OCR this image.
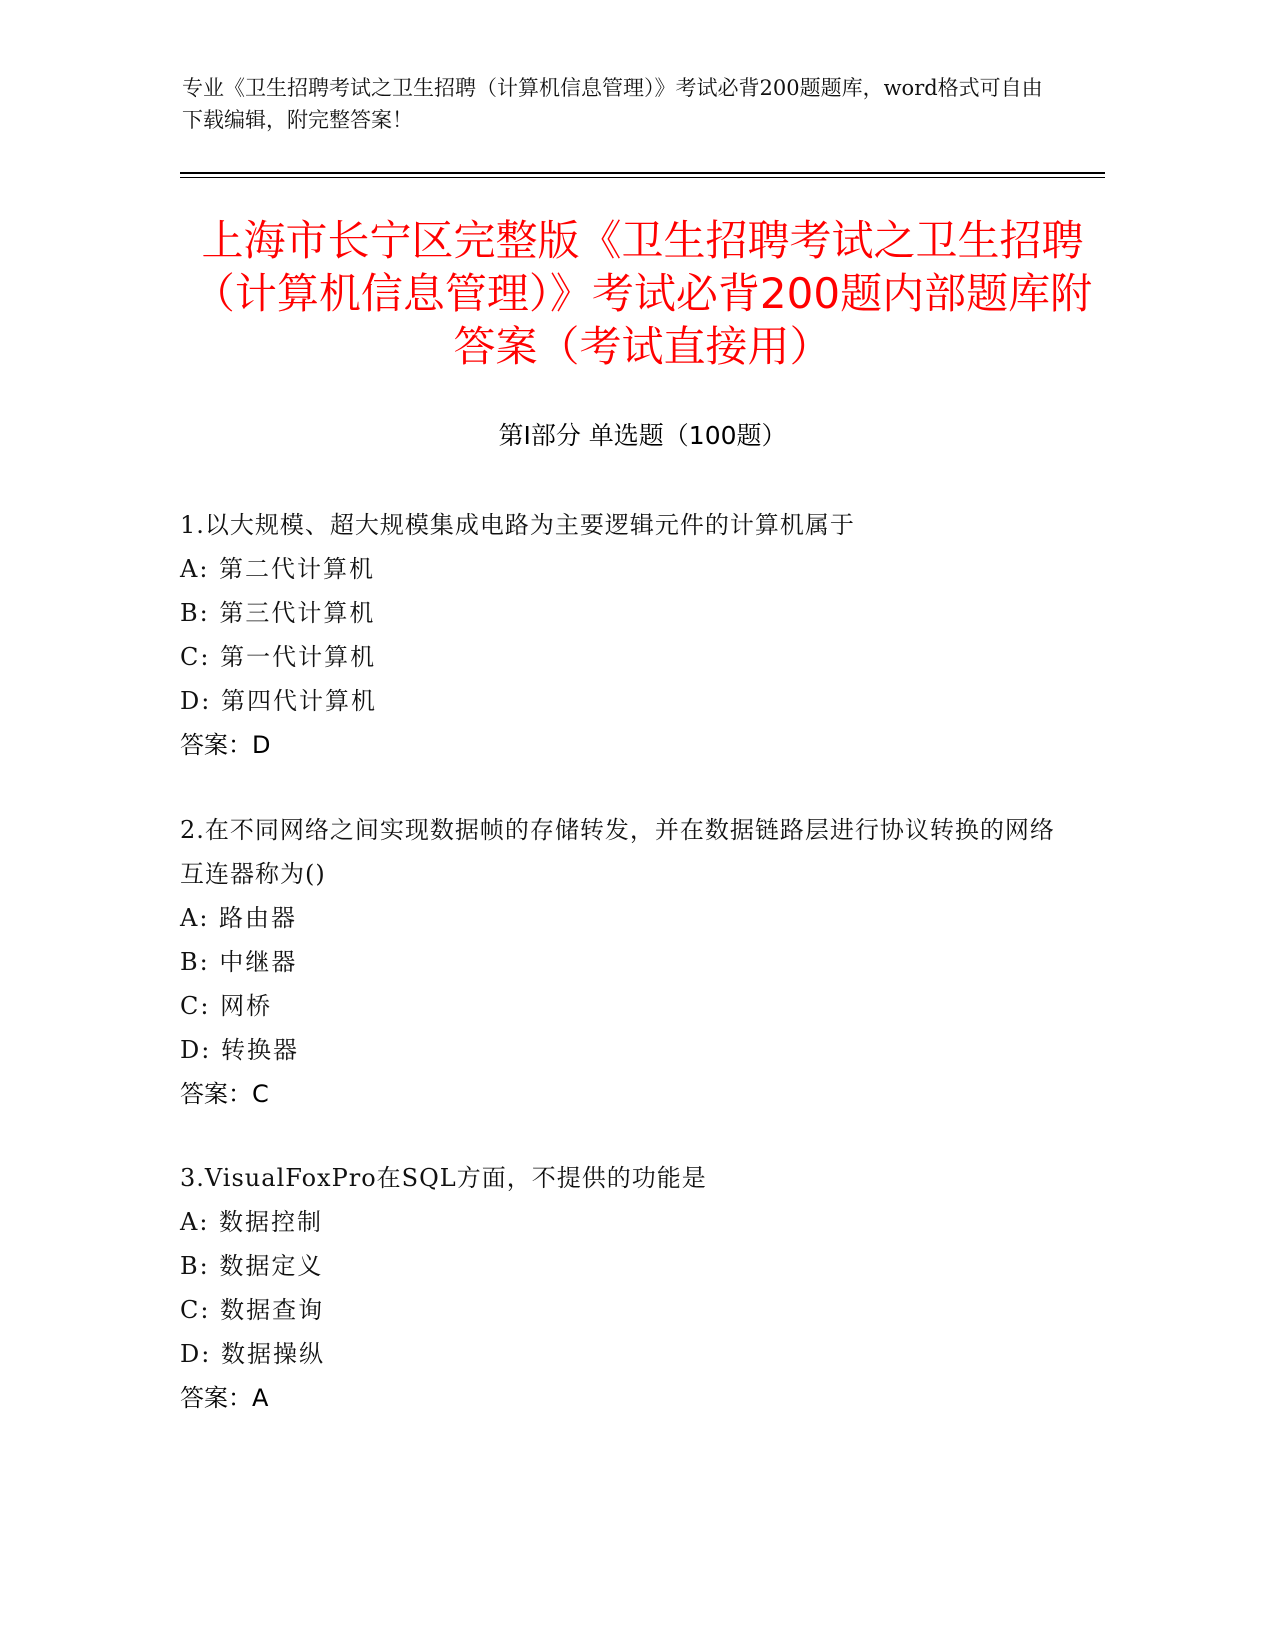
专业《卫生招聘考试之卫生招聘（计算机信息管理）》考试必背200题题库，word格式可自由下载编辑，附完整答案！
上海市长宁区完整版《卫生招聘考试之卫生招聘（计算机信息管理）》考试必背200题内部题库附答案（考试直接用）
第Ⅰ部分 单选题（100题）
1.以大规模、超大规模集成电路为主要逻辑元件的计算机属于
A: 第二代计算机
B: 第三代计算机
C: 第一代计算机
D: 第四代计算机
答案：D
2.在不同网络之间实现数据帧的存储转发，并在数据链路层进行协议转换的网络互连器称为()
A: 路由器
B: 中继器
C: 网桥
D: 转换器
答案：C
3.VisualFoxPro在SQL方面，不提供的功能是
A: 数据控制
B: 数据定义
C: 数据查询
D: 数据操纵
答案：A
